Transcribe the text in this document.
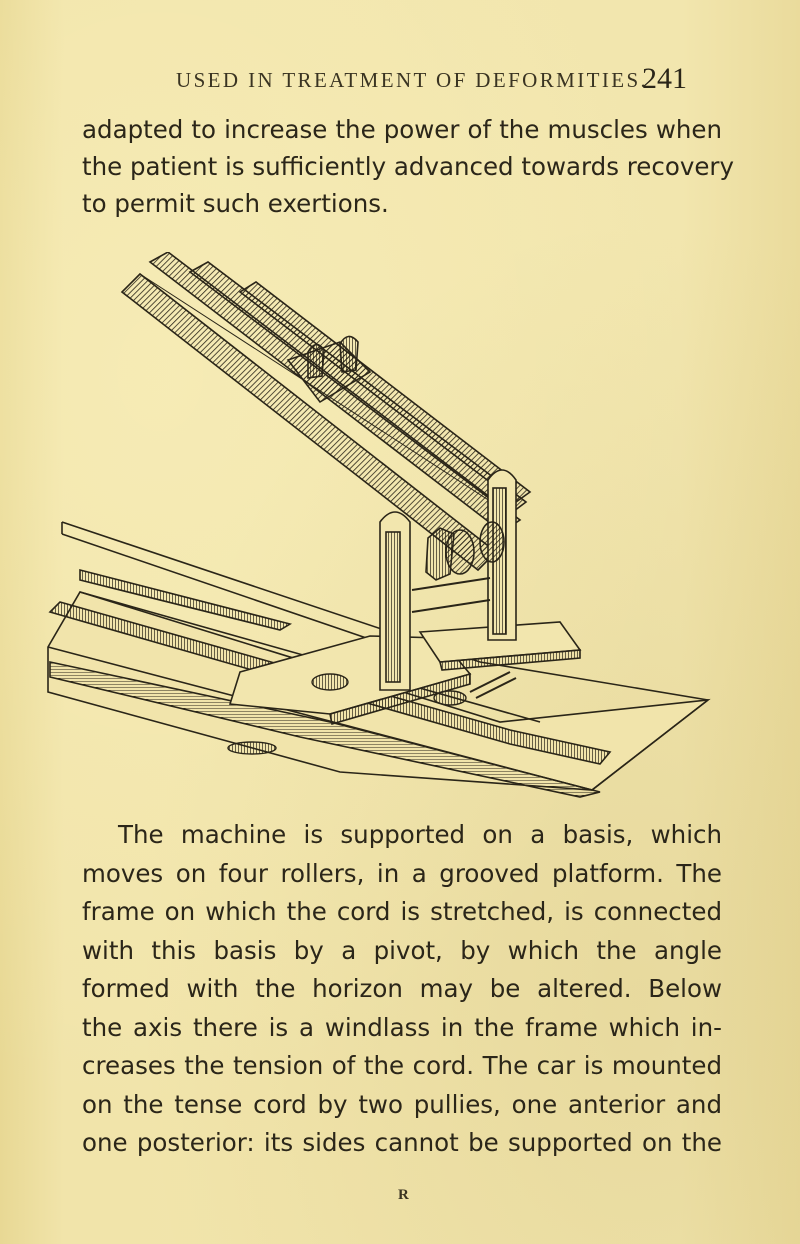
USED IN TREATMENT OF DEFORMITIES.
241
adapted to increase the power of the muscles when
the patient is sufficiently advanced towards recovery
to permit such exertions.
The machine is supported on a basis, which
moves on four rollers, in a grooved platform. The
frame on which the cord is stretched, is connected
with this basis by a pivot, by which the angle
formed with the horizon may be altered. Below
the axis there is a windlass in the frame which in-
creases the tension of the cord. The car is mounted
on the tense cord by two pullies, one anterior and
one posterior: its sides cannot be supported on the
R
